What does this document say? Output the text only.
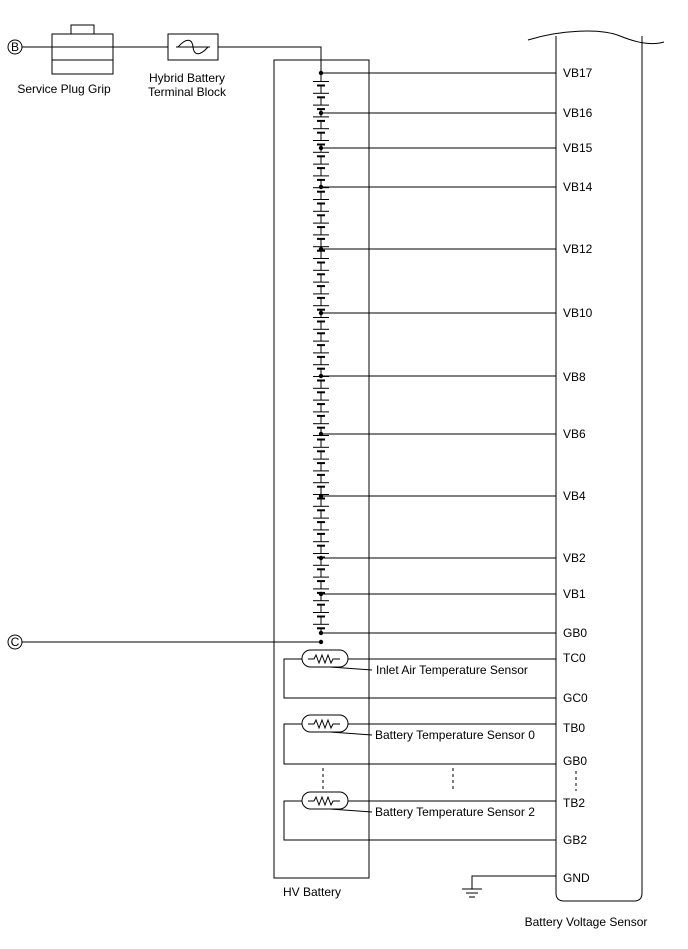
B
Service Plug Grip
Hybrid Battery
Terminal Block
HV Battery
Battery Voltage Sensor
VB17
VB16
VB15
VB14
VB12
VB10
VB8
VB6
VB4
VB2
VB1
GB0
TC0
GC0
TB0
GB0
TB2
GB2
GND
C
Inlet Air Temperature Sensor
Battery Temperature Sensor 0
Battery Temperature Sensor 2
